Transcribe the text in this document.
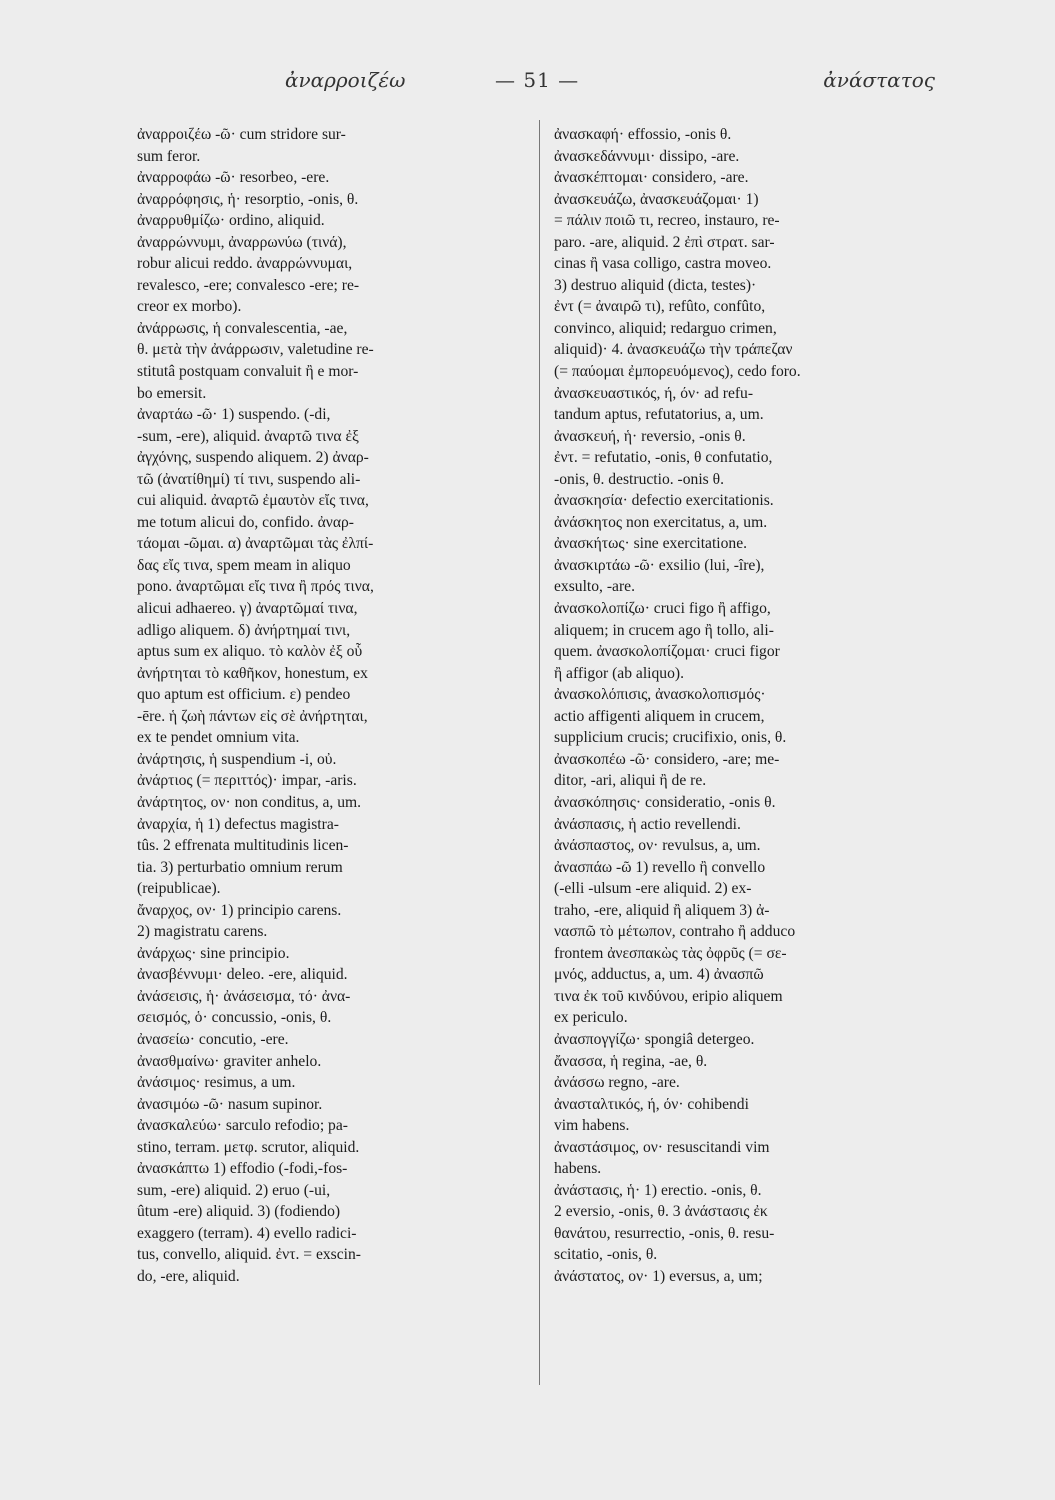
ἀναρροιζέω	— 51 —	ἀνάστατος
ἀναρροιζέω -ῶ· cum stridore sur-
sum feror.
ἀναρροφάω -ῶ· resorbeo, -ere.
ἀναρρόφησις, ἡ· resorptio, -onis, θ.
ἀναρρυθμίζω· ordino, aliquid.
ἀναρρώννυμι, ἀναρρωνύω (τινά),
robur alicui reddo. ἀναρρώννυμαι,
revalesco, -ere; convalesco -ere; re-
creor ex morbo).
ἀνάρρωσις, ἡ convalescentia, -ae,
θ. μετὰ τὴν ἀνάρρωσιν, valetudine re-
stitutâ postquam convaluit ἢ e mor-
bo emersit.
ἀναρτάω -ῶ· 1) suspendo. (-di,
-sum, -ere), aliquid. ἀναρτῶ τινα ἐξ
ἀγχόνης, suspendo aliquem. 2) ἀναρ-
τῶ (ἀνατίθημί) τί τινι, suspendo ali-
cui aliquid. ἀναρτῶ ἐμαυτὸν εἴς τινα,
me totum alicui do, confido. ἀναρ-
τάομαι -ῶμαι. α) ἀναρτῶμαι τὰς ἐλπί-
δας εἴς τινα, spem meam in aliquo
pono. ἀναρτῶμαι εἴς τινα ἢ πρός τινα,
alicui adhaereo. γ) ἀναρτῶμαί τινα,
adligo aliquem. δ) ἀνήρτημαί τινι,
aptus sum ex aliquo. τὸ καλὸν ἐξ οὗ
ἀνήρτηται τὸ καθῆκον, honestum, ex
quo aptum est officium. ε) pendeo
-ēre. ἡ ζωὴ πάντων εἰς σὲ ἀνήρτηται,
ex te pendet omnium vita.
ἀνάρτησις, ἡ suspendium -i, οὐ.
ἀνάρτιος (= περιττός)· impar, -aris.
ἀνάρτητος, ον· non conditus, a, um.
ἀναρχία, ἡ 1) defectus magistra-
tûs. 2 effrenata multitudinis licen-
tia. 3) perturbatio omnium rerum
(reipublicae).
ἄναρχος, ον· 1) principio carens.
2) magistratu carens.
ἀνάρχως· sine principio.
ἀνασβέννυμι· deleo. -ere, aliquid.
ἀνάσεισις, ἡ· ἀνάσεισμα, τό· ἀνα-
σεισμός, ὁ· concussio, -onis, θ.
ἀνασείω· concutio, -ere.
ἀνασθμαίνω· graviter anhelo.
ἀνάσιμος· resimus, a um.
ἀνασιμόω -ῶ· nasum supinor.
ἀνασκαλεύω· sarculo refodio; pa-
stino, terram. μετφ. scrutor, aliquid.
ἀνασκάπτω 1) effodio (-fodi,-fos-
sum, -ere) aliquid. 2) eruo (-ui,
ûtum -ere) aliquid. 3) (fodiendo)
exaggero (terram). 4) evello radici-
tus, convello, aliquid. ἐντ. = exscin-
do, -ere, aliquid.
ἀνασκαφή· effossio, -onis θ.
ἀνασκεδάννυμι· dissipo, -are.
ἀνασκέπτομαι· considero, -are.
ἀνασκευάζω, ἀνασκευάζομαι· 1)
= πάλιν ποιῶ τι, recreo, instauro, re-
paro. -are, aliquid. 2 ἐπὶ στρατ. sar-
cinas ἢ vasa colligo, castra moveo.
3) destruo aliquid (dicta, testes)·
ἐντ (= ἀναιρῶ τι), refûto, confûto,
convinco, aliquid; redarguo crimen,
aliquid)· 4. ἀνασκευάζω τὴν τράπεζαν
(= παύομαι ἐμπορευόμενος), cedo foro.
ἀνασκευαστικός, ή, όν· ad refu-
tandum aptus, refutatorius, a, um.
ἀνασκευή, ἡ· reversio, -onis θ.
ἐντ. = refutatio, -onis, θ confutatio,
-onis, θ. destructio. -onis θ.
ἀνασκησία· defectio exercitationis.
ἀνάσκητος non exercitatus, a, um.
ἀνασκήτως· sine exercitatione.
ἀνασκιρτάω -ῶ· exsilio (lui, -îre),
exsulto, -are.
ἀνασκολοπίζω· cruci figo ἢ affigo,
aliquem; in crucem ago ἢ tollo, ali-
quem. ἀνασκολοπίζομαι· cruci figor
ἢ affigor (ab aliquo).
ἀνασκολόπισις, ἀνασκολοπισμός·
actio affigenti aliquem in crucem,
supplicium crucis; crucifixio, onis, θ.
ἀνασκοπέω -ῶ· considero, -are; me-
ditor, -ari, aliqui ἢ de re.
ἀνασκόπησις· consideratio, -onis θ.
ἀνάσπασις, ἡ actio revellendi.
ἀνάσπαστος, ον· revulsus, a, um.
ἀνασπάω -ῶ 1) revello ἢ convello
(-elli -ulsum -ere aliquid. 2) ex-
traho, -ere, aliquid ἢ aliquem 3) ἀ-
νασπῶ τὸ μέτωπον, contraho ἢ adduco
frontem ἀνεσπακὼς τὰς ὀφρῦς (= σε-
μνός, adductus, a, um. 4) ἀνασπῶ
τινα ἐκ τοῦ κινδύνου, eripio aliquem
ex periculo.
ἀνασπογγίζω· spongiâ detergeo.
ἄνασσα, ἡ regina, -ae, θ.
ἀνάσσω regno, -are.
ἀνασταλτικός, ή, όν· cohibendi
vim habens.
ἀναστάσιμος, ον· resuscitandi vim
habens.
ἀνάστασις, ἡ· 1) erectio. -onis, θ.
2 eversio, -onis, θ. 3 ἀνάστασις ἐκ
θανάτου, resurrectio, -onis, θ. resu-
scitatio, -onis, θ.
ἀνάστατος, ον· 1) eversus, a, um;
